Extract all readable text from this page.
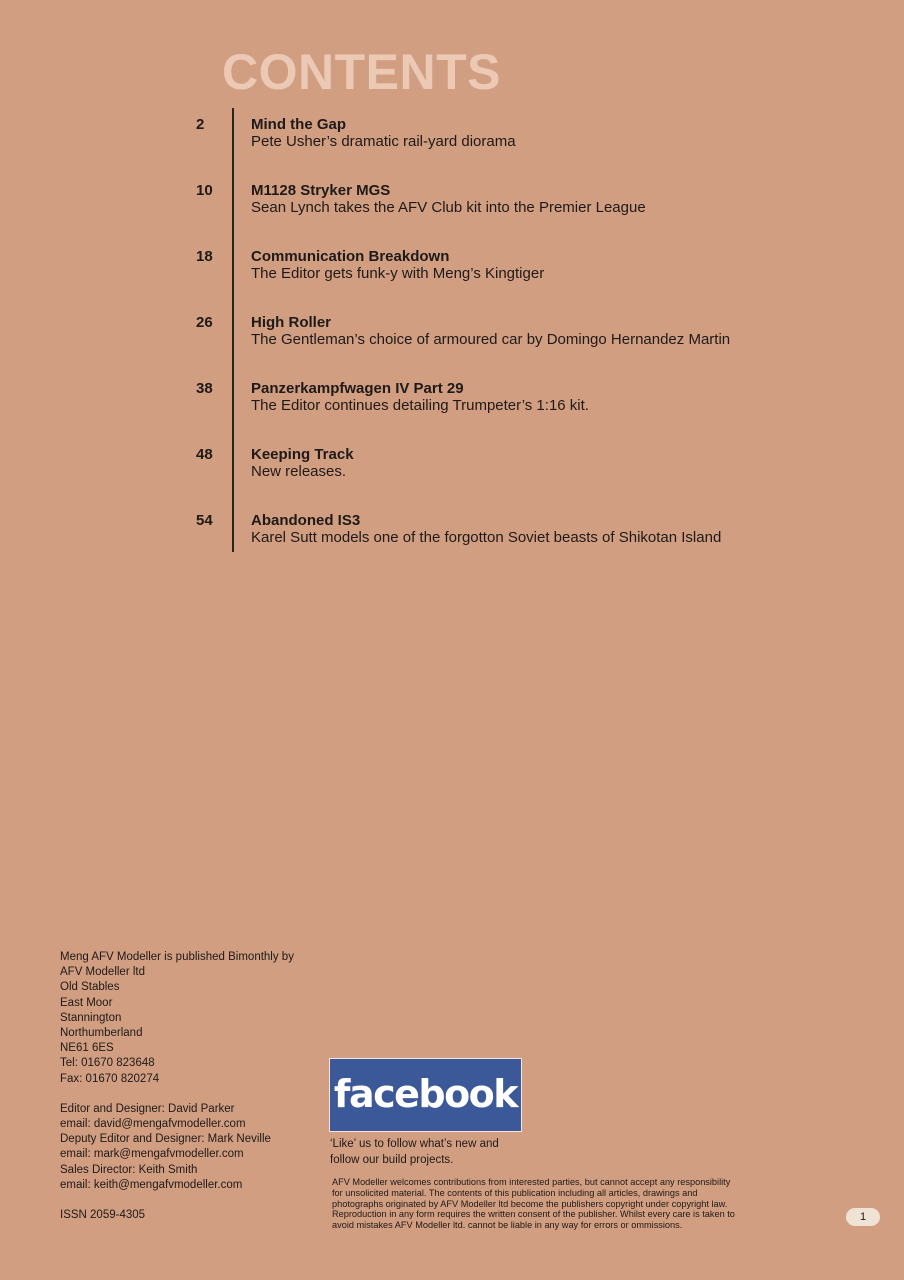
CONTENTS
2	Mind the Gap
Pete Usher’s dramatic rail-yard diorama
10	M1128 Stryker MGS
Sean Lynch takes the AFV Club kit into the Premier League
18	Communication Breakdown
The Editor gets funk-y with Meng’s Kingtiger
26	High Roller
The Gentleman’s choice of armoured car by Domingo Hernandez Martin
38	Panzerkampfwagen IV Part 29
The Editor continues detailing Trumpeter’s 1:16 kit.
48	Keeping Track
New releases.
54	Abandoned IS3
Karel Sutt models one of the forgotton Soviet beasts of Shikotan Island
Meng AFV Modeller is published Bimonthly by
AFV Modeller ltd
Old Stables
East Moor
Stannington
Northumberland
NE61 6ES
Tel: 01670 823648
Fax: 01670 820274
Editor and Designer: David Parker
email: david@mengafvmodeller.com
Deputy Editor and Designer: Mark Neville
email: mark@mengafvmodeller.com
Sales Director: Keith Smith
email: keith@mengafvmodeller.com
ISSN 2059-4305
facebook
‘Like’ us to follow what’s new and
follow our build projects.
AFV Modeller welcomes contributions from interested parties, but cannot accept any responsibility
for unsolicited material. The contents of this publication including all articles, drawings and
photographs originated by AFV Modeller ltd become the publishers copyright under copyright law.
Reproduction in any form requires the written consent of the publisher. Whilst every care is taken to
avoid mistakes AFV Modeller ltd. cannot be liable in any way for errors or ommissions.
1
